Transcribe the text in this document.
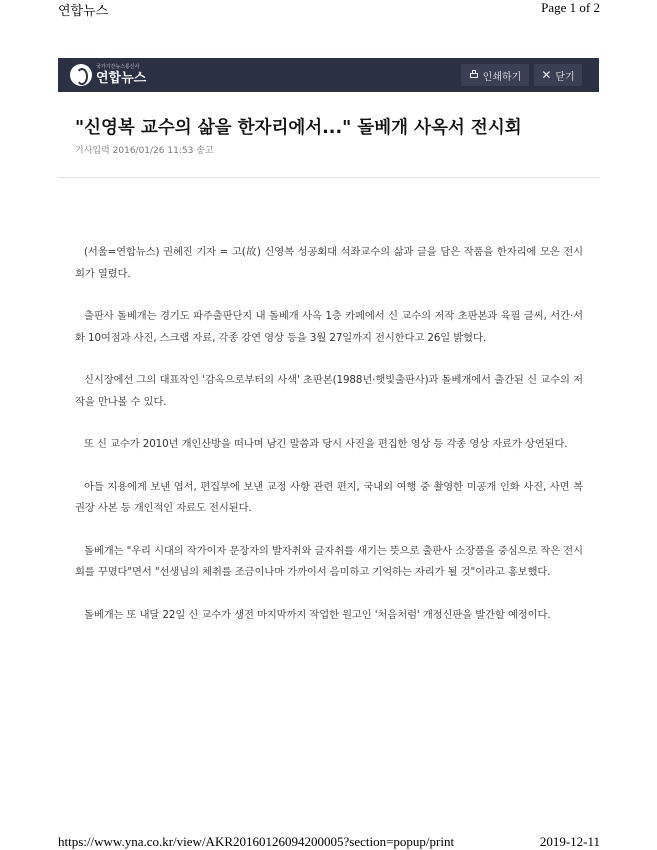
연합뉴스	Page 1 of 2
국가기간뉴스통신사
연합뉴스	인쇄하기 ✕ 닫기
"신영복 교수의 삶을 한자리에서..." 돌베개 사옥서 전시회
기사입력 2016/01/26 11:53 송고

(서울=연합뉴스) 권혜진 기자 = 고(故) 신영복 성공회대 석좌교수의 삶과 글을 담은 작품을 한자리에 모은 전시회가 열렸다.

출판사 돌베개는 경기도 파주출판단지 내 돌베개 사옥 1층 카페에서 신 교수의 저작 초판본과 육필 글씨, 서간·서화 10여점과 사진, 스크랩 자료, 각종 강연 영상 등을 3월 27일까지 전시한다고 26일 밝혔다.

신시장에선 그의 대표작인 '감옥으로부터의 사색' 초판본(1988년·햇빛출판사)과 돌베개에서 출간된 신 교수의 저작을 만나볼 수 있다.

또 신 교수가 2010년 개인산방을 떠나며 남긴 말씀과 당시 사진을 편집한 영상 등 각종 영상 자료가 상연된다.

아들 지용에게 보낸 엽서, 편집부에 보낸 교정 사항 관련 편지, 국내외 여행 중 촬영한 미공개 인화 사진, 사면 복권장 사본 등 개인적인 자료도 전시된다.

돌베개는 "우리 시대의 작가이자 문장자의 발자취와 글자취를 새기는 뜻으로 출판사 소장품을 중심으로 작은 전시회를 꾸몄다"면서 "선생님의 체취를 조금이나마 가까이서 음미하고 기억하는 자리가 될 것"이라고 홍보했다.

돌베개는 또 내달 22일 신 교수가 생전 마지막까지 작업한 원고인 '처음처럼' 개정신판을 발간할 예정이다.

https://www.yna.co.kr/view/AKR20160126094200005?section=popup/print	2019-12-11
